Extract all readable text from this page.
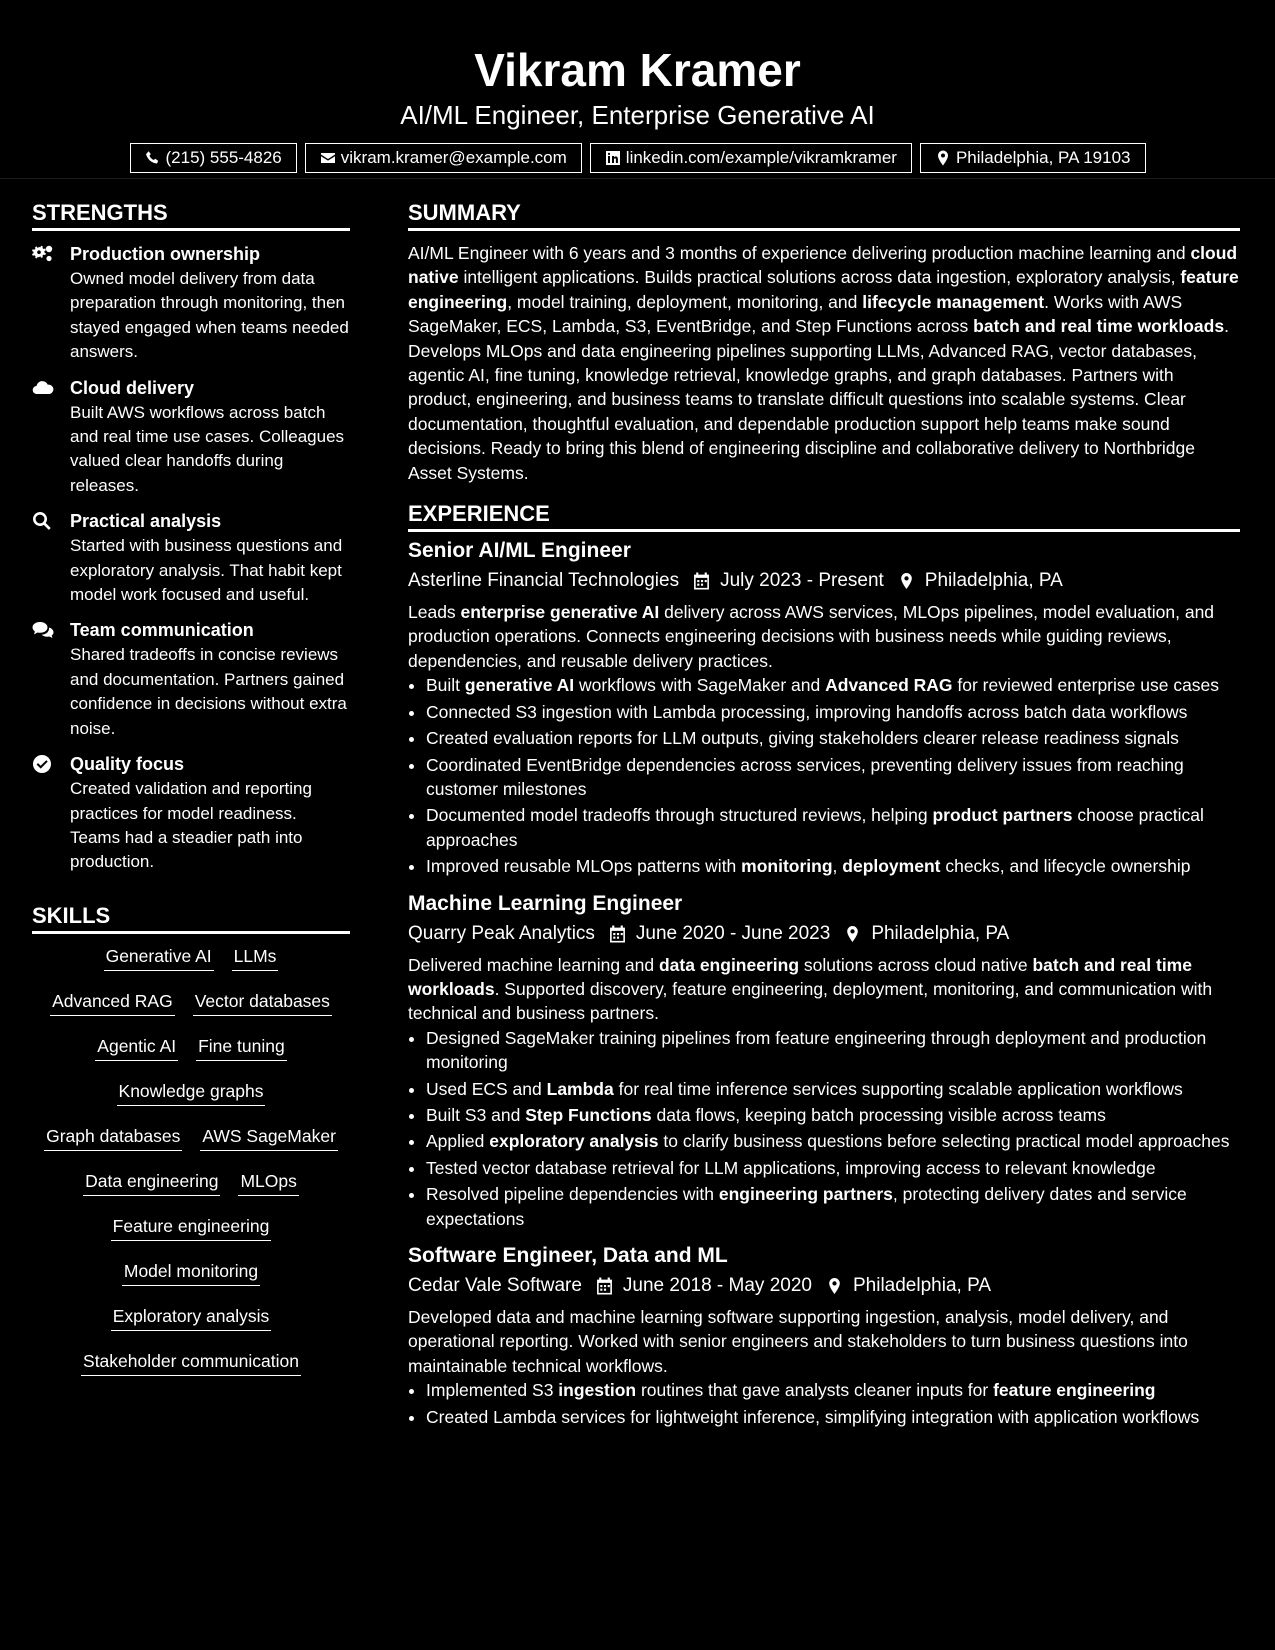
Vikram Kramer
AI/ML Engineer, Enterprise Generative AI
(215) 555-4826	vikram.kramer@example.com	linkedin.com/example/vikramkramer	Philadelphia, PA 19103
STRENGTHS
Production ownership
Owned model delivery from data preparation through monitoring, then stayed engaged when teams needed answers.
Cloud delivery
Built AWS workflows across batch and real time use cases. Colleagues valued clear handoffs during releases.
Practical analysis
Started with business questions and exploratory analysis. That habit kept model work focused and useful.
Team communication
Shared tradeoffs in concise reviews and documentation. Partners gained confidence in decisions without extra noise.
Quality focus
Created validation and reporting practices for model readiness. Teams had a steadier path into production.
SKILLS
Generative AI LLMs
Advanced RAG Vector databases
Agentic AI Fine tuning
Knowledge graphs
Graph databases AWS SageMaker
Data engineering MLOps
Feature engineering
Model monitoring
Exploratory analysis
Stakeholder communication
SUMMARY
AI/ML Engineer with 6 years and 3 months of experience delivering production machine learning and cloud native intelligent applications. Builds practical solutions across data ingestion, exploratory analysis, feature engineering, model training, deployment, monitoring, and lifecycle management. Works with AWS SageMaker, ECS, Lambda, S3, EventBridge, and Step Functions across batch and real time workloads. Develops MLOps and data engineering pipelines supporting LLMs, Advanced RAG, vector databases, agentic AI, fine tuning, knowledge retrieval, knowledge graphs, and graph databases. Partners with product, engineering, and business teams to translate difficult questions into scalable systems. Clear documentation, thoughtful evaluation, and dependable production support help teams make sound decisions. Ready to bring this blend of engineering discipline and collaborative delivery to Northbridge Asset Systems.
EXPERIENCE
Senior AI/ML Engineer
Asterline Financial Technologies July 2023 - Present Philadelphia, PA
Leads enterprise generative AI delivery across AWS services, MLOps pipelines, model evaluation, and production operations. Connects engineering decisions with business needs while guiding reviews, dependencies, and reusable delivery practices.
• Built generative AI workflows with SageMaker and Advanced RAG for reviewed enterprise use cases
• Connected S3 ingestion with Lambda processing, improving handoffs across batch data workflows
• Created evaluation reports for LLM outputs, giving stakeholders clearer release readiness signals
• Coordinated EventBridge dependencies across services, preventing delivery issues from reaching customer milestones
• Documented model tradeoffs through structured reviews, helping product partners choose practical approaches
• Improved reusable MLOps patterns with monitoring, deployment checks, and lifecycle ownership
Machine Learning Engineer
Quarry Peak Analytics June 2020 - June 2023 Philadelphia, PA
Delivered machine learning and data engineering solutions across cloud native batch and real time workloads. Supported discovery, feature engineering, deployment, monitoring, and communication with technical and business partners.
• Designed SageMaker training pipelines from feature engineering through deployment and production monitoring
• Used ECS and Lambda for real time inference services supporting scalable application workflows
• Built S3 and Step Functions data flows, keeping batch processing visible across teams
• Applied exploratory analysis to clarify business questions before selecting practical model approaches
• Tested vector database retrieval for LLM applications, improving access to relevant knowledge
• Resolved pipeline dependencies with engineering partners, protecting delivery dates and service expectations
Software Engineer, Data and ML
Cedar Vale Software June 2018 - May 2020 Philadelphia, PA
Developed data and machine learning software supporting ingestion, analysis, model delivery, and operational reporting. Worked with senior engineers and stakeholders to turn business questions into maintainable technical workflows.
• Implemented S3 ingestion routines that gave analysts cleaner inputs for feature engineering
• Created Lambda services for lightweight inference, simplifying integration with application workflows
